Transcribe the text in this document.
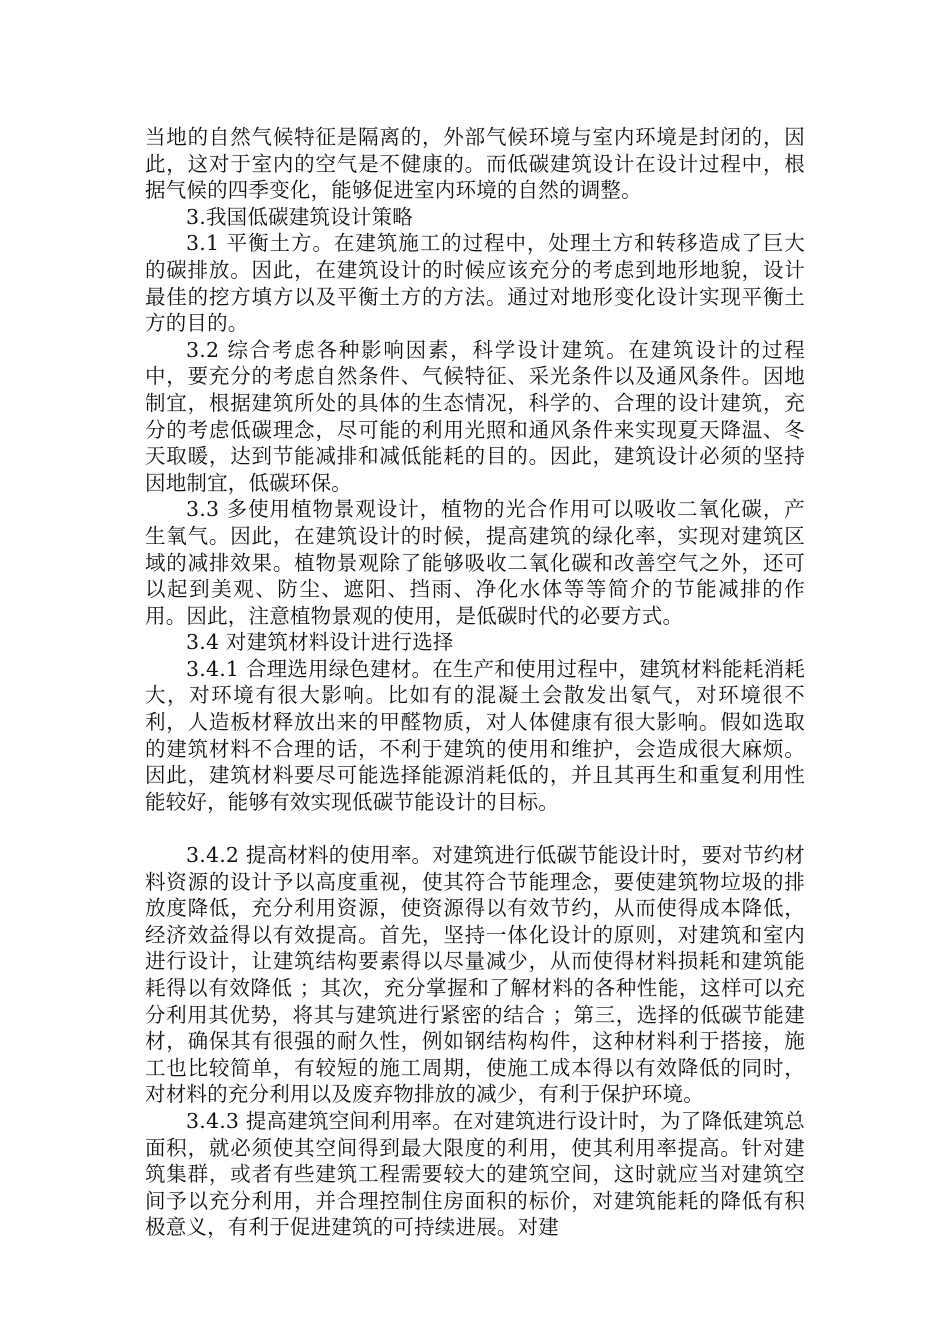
当地的自然气候特征是隔离的，外部气候环境与室内环境是封闭的，因此，这对于室内的空气是不健康的。而低碳建筑设计在设计过程中，根据气候的四季变化，能够促进室内环境的自然的调整。

3.我国低碳建筑设计策略

3.1 平衡土方。在建筑施工的过程中，处理土方和转移造成了巨大的碳排放。因此，在建筑设计的时候应该充分的考虑到地形地貌，设计最佳的挖方填方以及平衡土方的方法。通过对地形变化设计实现平衡土方的目的。

3.2 综合考虑各种影响因素，科学设计建筑。在建筑设计的过程中，要充分的考虑自然条件、气候特征、采光条件以及通风条件。因地制宜，根据建筑所处的具体的生态情况，科学的、合理的设计建筑，充分的考虑低碳理念，尽可能的利用光照和通风条件来实现夏天降温、冬天取暖，达到节能减排和减低能耗的目的。因此，建筑设计必须的坚持因地制宜，低碳环保。

3.3 多使用植物景观设计，植物的光合作用可以吸收二氧化碳，产生氧气。因此，在建筑设计的时候，提高建筑的绿化率，实现对建筑区域的减排效果。植物景观除了能够吸收二氧化碳和改善空气之外，还可以起到美观、防尘、遮阳、挡雨、净化水体等等简介的节能减排的作用。因此，注意植物景观的使用，是低碳时代的必要方式。

3.4 对建筑材料设计进行选择

3.4.1 合理选用绿色建材。在生产和使用过程中，建筑材料能耗消耗大，对环境有很大影响。比如有的混凝土会散发出氡气，对环境很不利，人造板材释放出来的甲醛物质，对人体健康有很大影响。假如选取的建筑材料不合理的话，不利于建筑的使用和维护，会造成很大麻烦。因此，建筑材料要尽可能选择能源消耗低的，并且其再生和重复利用性能较好，能够有效实现低碳节能设计的目标。

3.4.2 提高材料的使用率。对建筑进行低碳节能设计时，要对节约材料资源的设计予以高度重视，使其符合节能理念，要使建筑物垃圾的排放度降低，充分利用资源，使资源得以有效节约，从而使得成本降低，经济效益得以有效提高。首先，坚持一体化设计的原则，对建筑和室内进行设计，让建筑结构要素得以尽量减少，从而使得材料损耗和建筑能耗得以有效降低 ；其次，充分掌握和了解材料的各种性能，这样可以充分利用其优势，将其与建筑进行紧密的结合 ；第三，选择的低碳节能建材，确保其有很强的耐久性，例如钢结构构件，这种材料利于搭接，施工也比较简单，有较短的施工周期，使施工成本得以有效降低的同时，对材料的充分利用以及废弃物排放的减少，有利于保护环境。

3.4.3 提高建筑空间利用率。在对建筑进行设计时，为了降低建筑总面积，就必须使其空间得到最大限度的利用，使其利用率提高。针对建筑集群，或者有些建筑工程需要较大的建筑空间，这时就应当对建筑空间予以充分利用，并合理控制住房面积的标价，对建筑能耗的降低有积极意义，有利于促进建筑的可持续进展。对建
